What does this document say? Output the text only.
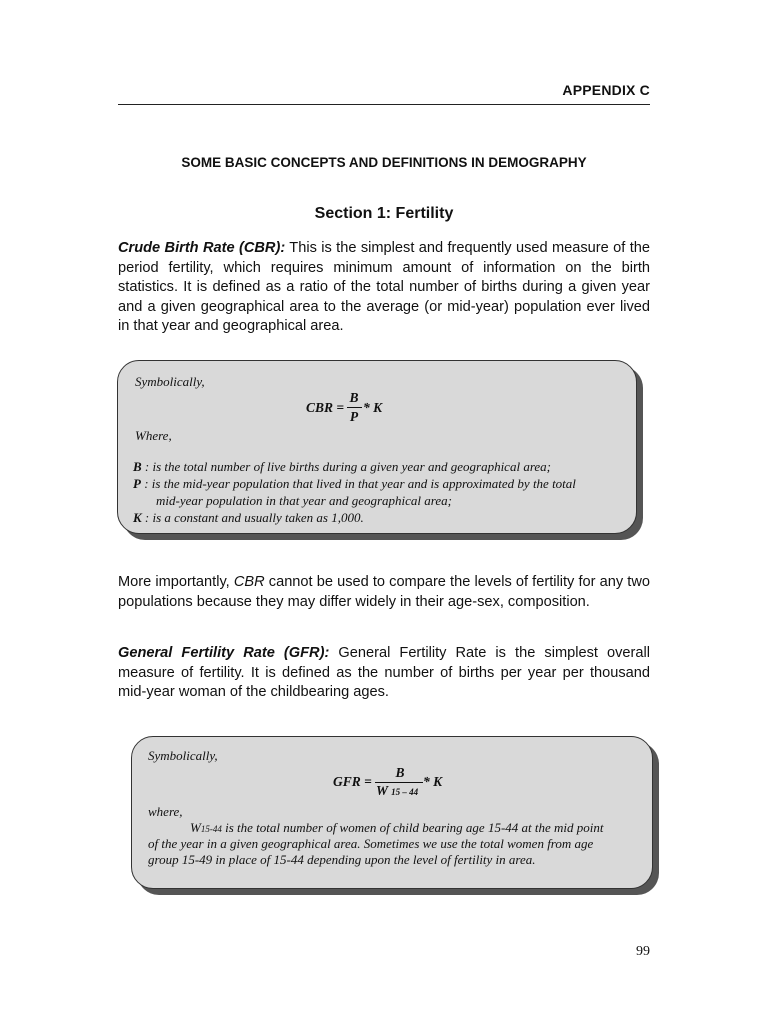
APPENDIX C
SOME BASIC CONCEPTS AND DEFINITIONS IN DEMOGRAPHY
Section 1: Fertility

Crude Birth Rate (CBR): This is the simplest and frequently used measure of the period fertility, which requires minimum amount of information on the birth statistics. It is defined as a ratio of the total number of births during a given year and a given geographical area to the average (or mid-year) population ever lived in that year and geographical area.

Symbolically,
CBR =
B
P
* K
Where,
B : is the total number of live births during a given year and geographical area;
P : is the mid-year population that lived in that year and is approximated by the total
mid-year population in that year and geographical area;
K : is a constant and usually taken as 1,000.

More importantly, CBR cannot be used to compare the levels of fertility for any two populations because they may differ widely in their age-sex, composition.

General Fertility Rate (GFR): General Fertility Rate is the simplest overall measure of fertility. It is defined as the number of births per year per thousand mid-year woman of the childbearing ages.

Symbolically,
GFR =
B
W 15 – 44
* K
where,
W15-44 is the total number of women of child bearing age 15-44 at the mid point
of the year in a given geographical area. Sometimes we use the total women from age
group 15-49 in place of 15-44 depending upon the level of fertility in area.
99
